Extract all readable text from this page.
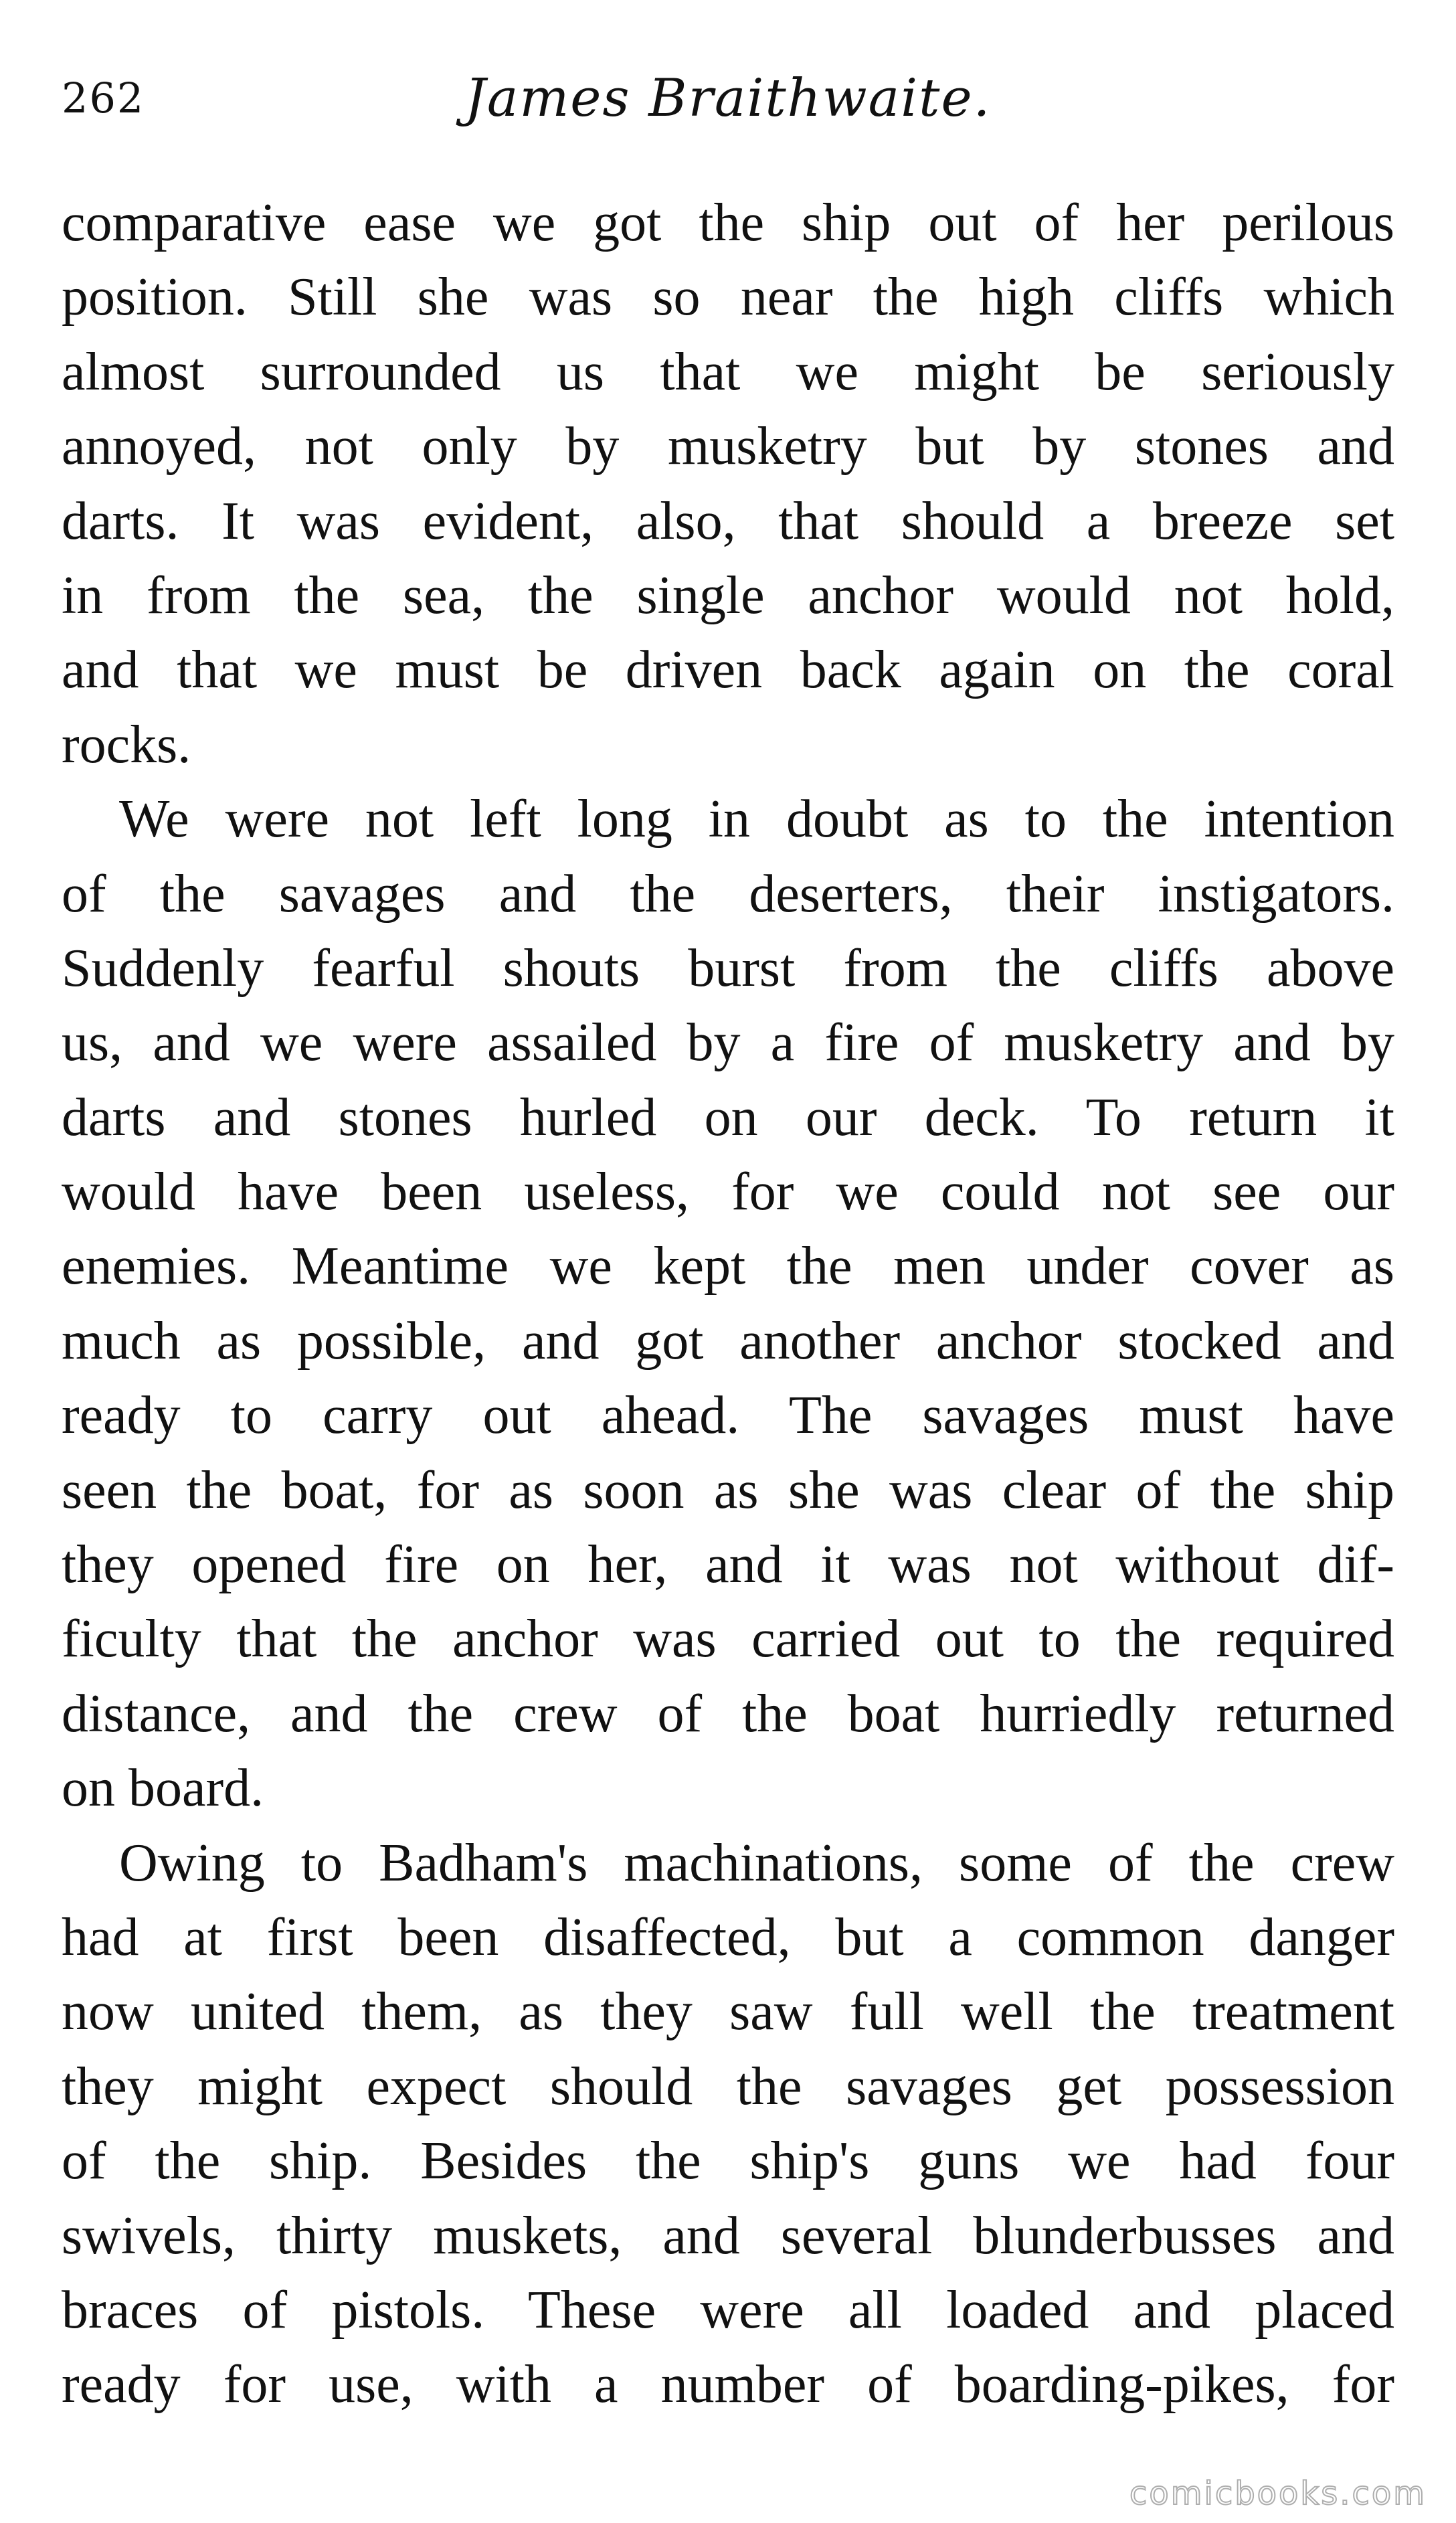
262	James Braithwaite.
comparative ease we got the ship out of her perilous
position. Still she was so near the high cliffs which
almost surrounded us that we might be seriously
annoyed, not only by musketry but by stones and
darts. It was evident, also, that should a breeze set
in from the sea, the single anchor would not hold,
and that we must be driven back again on the coral
rocks.
We were not left long in doubt as to the intention
of the savages and the deserters, their instigators.
Suddenly fearful shouts burst from the cliffs above
us, and we were assailed by a fire of musketry and by
darts and stones hurled on our deck. To return it
would have been useless, for we could not see our
enemies. Meantime we kept the men under cover as
much as possible, and got another anchor stocked and
ready to carry out ahead. The savages must have
seen the boat, for as soon as she was clear of the ship
they opened fire on her, and it was not without dif-
ficulty that the anchor was carried out to the required
distance, and the crew of the boat hurriedly returned
on board.
Owing to Badham's machinations, some of the crew
had at first been disaffected, but a common danger
now united them, as they saw full well the treatment
they might expect should the savages get possession
of the ship. Besides the ship's guns we had four
swivels, thirty muskets, and several blunderbusses and
braces of pistols. These were all loaded and placed
ready for use, with a number of boarding-pikes, for
comicbooks.com
